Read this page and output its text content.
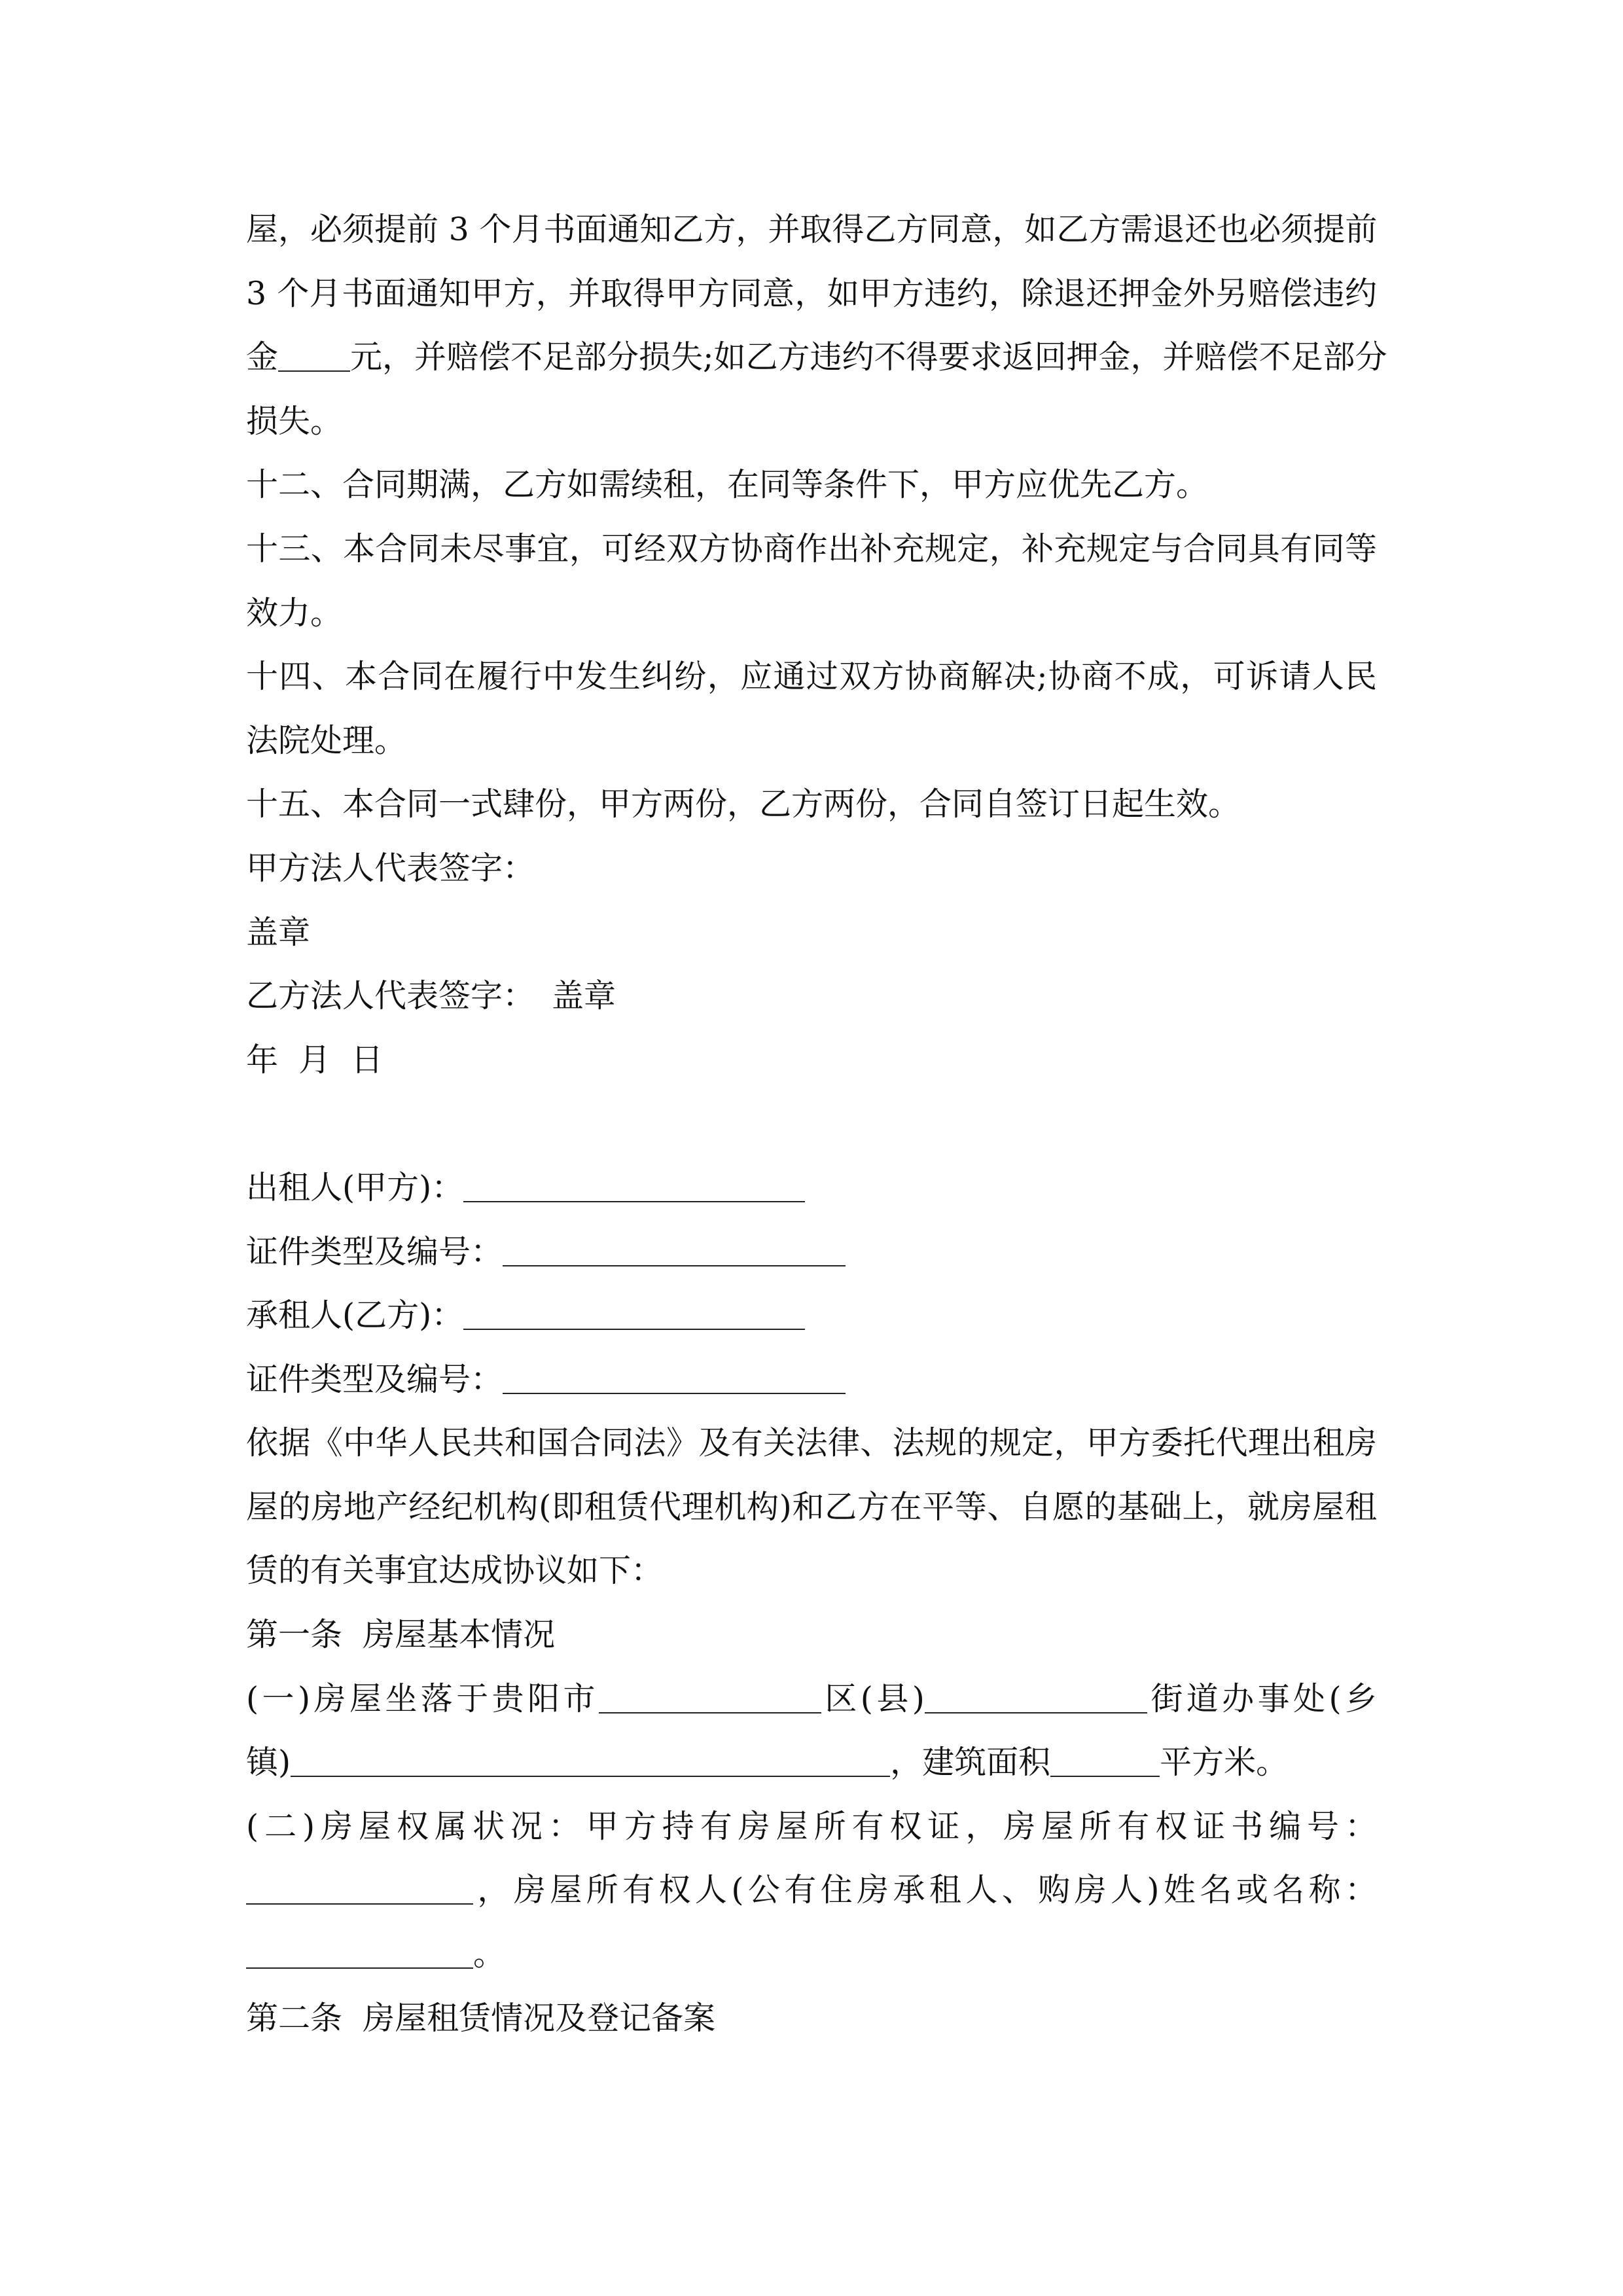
屋，必须提前 3 个月书面通知乙方，并取得乙方同意，如乙方需退还也必须提前
3 个月书面通知甲方，并取得甲方同意，如甲方违约，除退还押金外另赔偿违约
金 元，并赔偿不足部分损失;如乙方违约不得要求返回押金，并赔偿不足部分
损失。
十二、合同期满，乙方如需续租，在同等条件下，甲方应优先乙方。
十三、本合同未尽事宜，可经双方协商作出补充规定，补充规定与合同具有同等
效力。
十四、本合同在履行中发生纠纷，应通过双方协商解决;协商不成，可诉请人民
法院处理。
十五、本合同一式肆份，甲方两份，乙方两份，合同自签订日起生效。
甲方法人代表签字：
盖章
乙方法人代表签字： 盖章
年  月  日
出租人(甲方)：
证件类型及编号：
承租人(乙方)：
证件类型及编号：
依据《中华人民共和国合同法》及有关法律、法规的规定，甲方委托代理出租房
屋的房地产经纪机构(即租赁代理机构)和乙方在平等、自愿的基础上，就房屋租
赁的有关事宜达成协议如下：
第一条  房屋基本情况
(一)房屋坐落于贵阳市	区(县)	街道办事处(乡
镇)	，建筑面积	平方米。
(二)房屋权属状况：甲方持有房屋所有权证，房屋所有权证书编号：
，房屋所有权人(公有住房承租人、购房人)姓名或名称：
。
第二条  房屋租赁情况及登记备案
